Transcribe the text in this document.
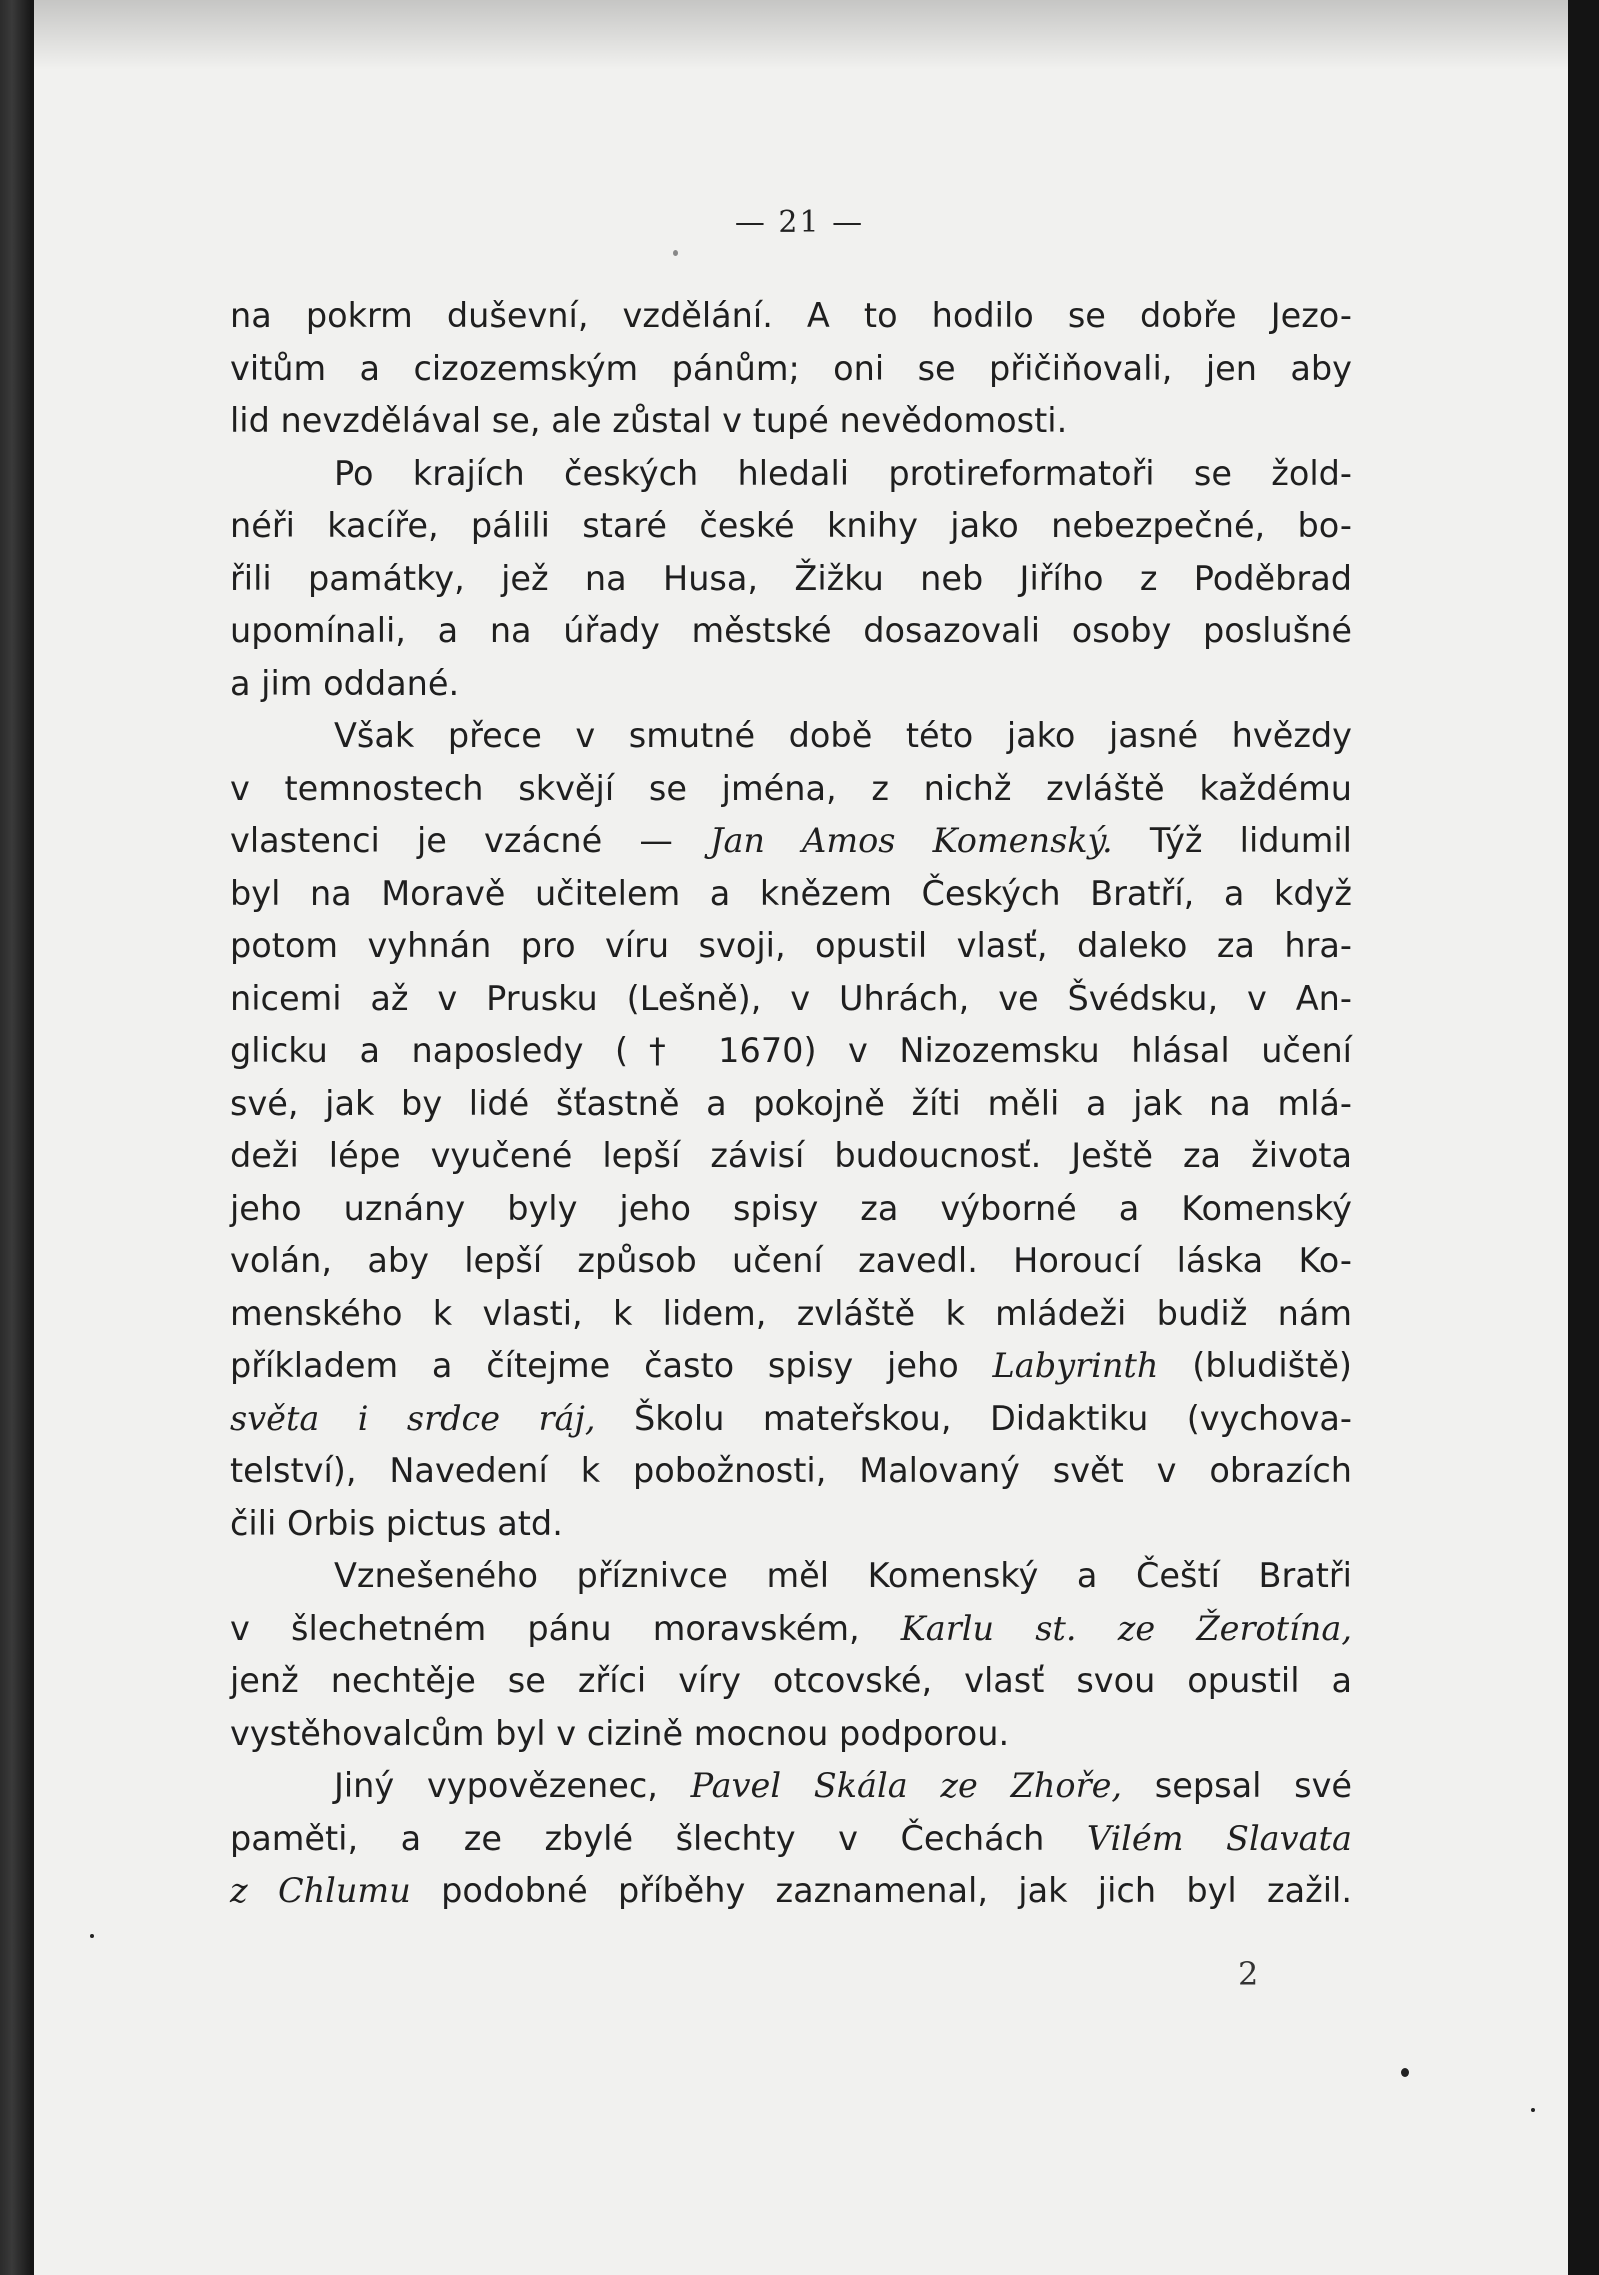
— 21 —
na pokrm duševní, vzdělání. A to hodilo se dobře Jezo-
vitům a cizozemským pánům; oni se přičiňovali, jen aby
lid nevzdělával se, ale zůstal v tupé nevědomosti.
Po krajích českých hledali protireformatoři se žold-
néři kacíře, pálili staré české knihy jako nebezpečné, bo-
řili památky, jež na Husa, Žižku neb Jiřího z Poděbrad
upomínali, a na úřady městské dosazovali osoby poslušné
a jim oddané.
Však přece v smutné době této jako jasné hvězdy
v temnostech skvějí se jména, z nichž zvláště každému
vlastenci je vzácné — Jan Amos Komenský. Týž lidumil
byl na Moravě učitelem a knězem Českých Bratří, a když
potom vyhnán pro víru svoji, opustil vlasť, daleko za hra-
nicemi až v Prusku (Lešně), v Uhrách, ve Švédsku, v An-
glicku a naposledy († 1670) v Nizozemsku hlásal učení
své, jak by lidé šťastně a pokojně žíti měli a jak na mlá-
deži lépe vyučené lepší závisí budoucnosť. Ještě za života
jeho uznány byly jeho spisy za výborné a Komenský
volán, aby lepší způsob učení zavedl. Horoucí láska Ko-
menského k vlasti, k lidem, zvláště k mládeži budiž nám
příkladem a čítejme často spisy jeho Labyrinth (bludiště)
světa i srdce ráj, Školu mateřskou, Didaktiku (vychova-
telství), Navedení k pobožnosti, Malovaný svět v obrazích
čili Orbis pictus atd.
Vznešeného příznivce měl Komenský a Čeští Bratři
v šlechetném pánu moravském, Karlu st. ze Žerotína,
jenž nechtěje se zříci víry otcovské, vlasť svou opustil a
vystěhovalcům byl v cizině mocnou podporou.
Jiný vypovězenec, Pavel Skála ze Zhoře, sepsal své
paměti, a ze zbylé šlechty v Čechách Vilém Slavata
z Chlumu podobné příběhy zaznamenal, jak jich byl zažil.
2
